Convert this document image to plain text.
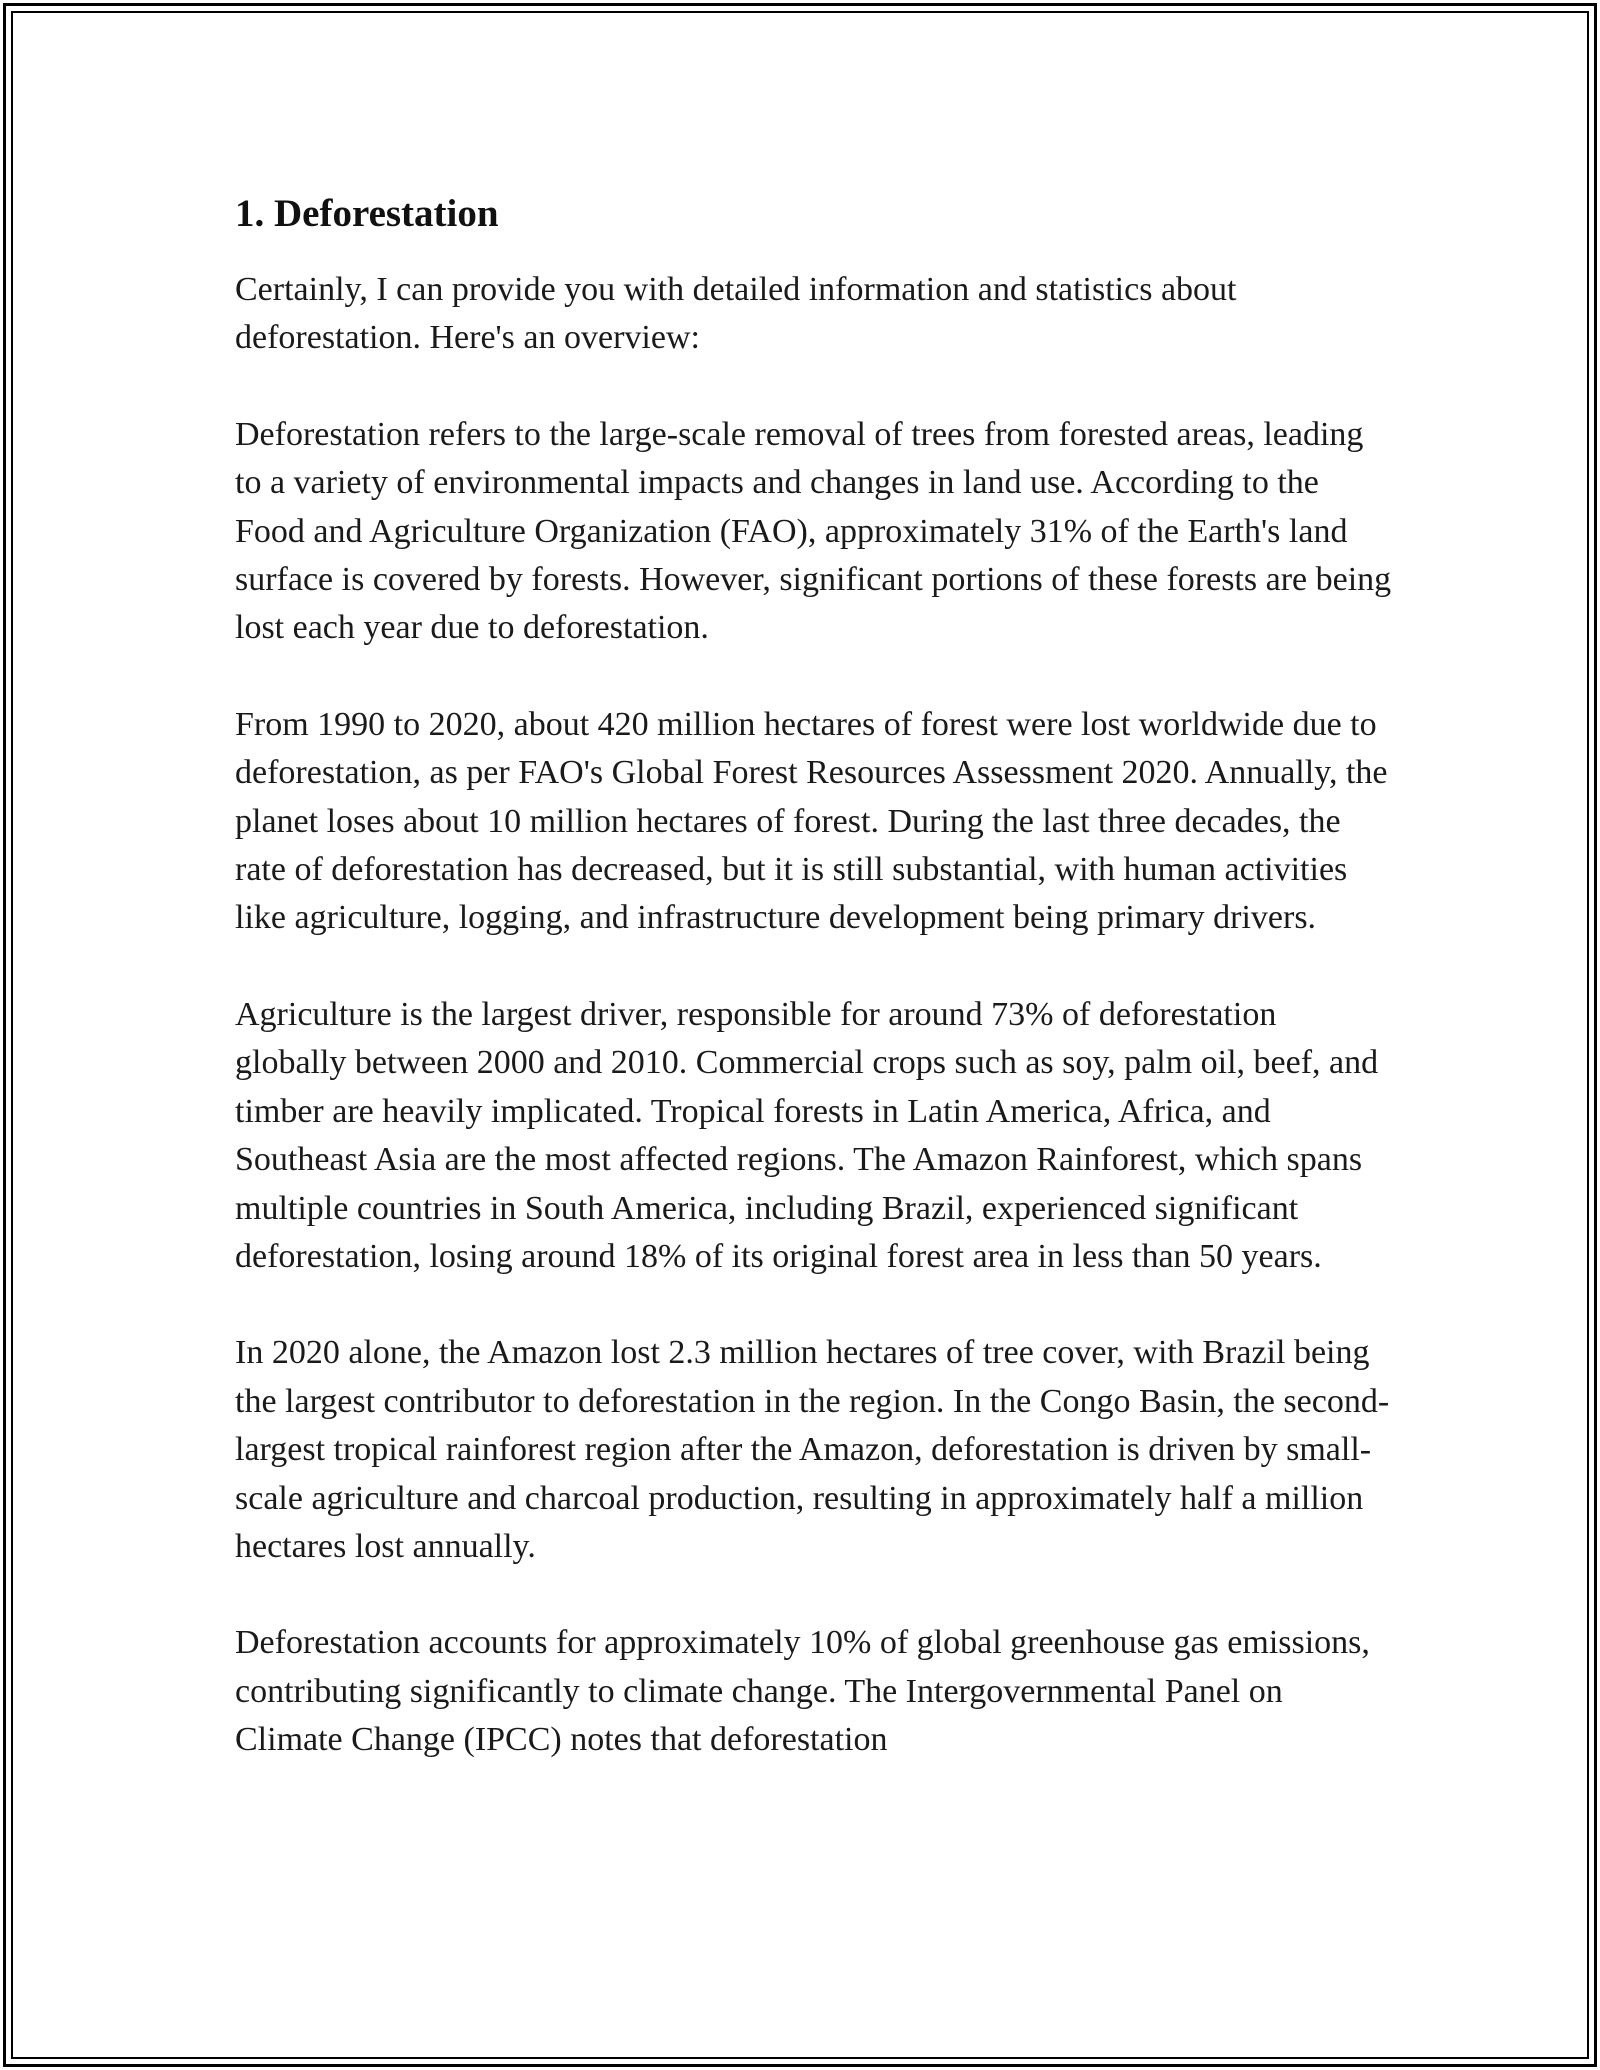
1. Deforestation

Certainly, I can provide you with detailed information and statistics about deforestation. Here's an overview:

Deforestation refers to the large-scale removal of trees from forested areas, leading to a variety of environmental impacts and changes in land use. According to the Food and Agriculture Organization (FAO), approximately 31% of the Earth's land surface is covered by forests. However, significant portions of these forests are being lost each year due to deforestation.

From 1990 to 2020, about 420 million hectares of forest were lost worldwide due to deforestation, as per FAO's Global Forest Resources Assessment 2020. Annually, the planet loses about 10 million hectares of forest. During the last three decades, the rate of deforestation has decreased, but it is still substantial, with human activities like agriculture, logging, and infrastructure development being primary drivers.

Agriculture is the largest driver, responsible for around 73% of deforestation globally between 2000 and 2010. Commercial crops such as soy, palm oil, beef, and timber are heavily implicated. Tropical forests in Latin America, Africa, and Southeast Asia are the most affected regions. The Amazon Rainforest, which spans multiple countries in South America, including Brazil, experienced significant deforestation, losing around 18% of its original forest area in less than 50 years.

In 2020 alone, the Amazon lost 2.3 million hectares of tree cover, with Brazil being the largest contributor to deforestation in the region. In the Congo Basin, the second-largest tropical rainforest region after the Amazon, deforestation is driven by small-scale agriculture and charcoal production, resulting in approximately half a million hectares lost annually.

Deforestation accounts for approximately 10% of global greenhouse gas emissions, contributing significantly to climate change. The Intergovernmental Panel on Climate Change (IPCC) notes that deforestation
